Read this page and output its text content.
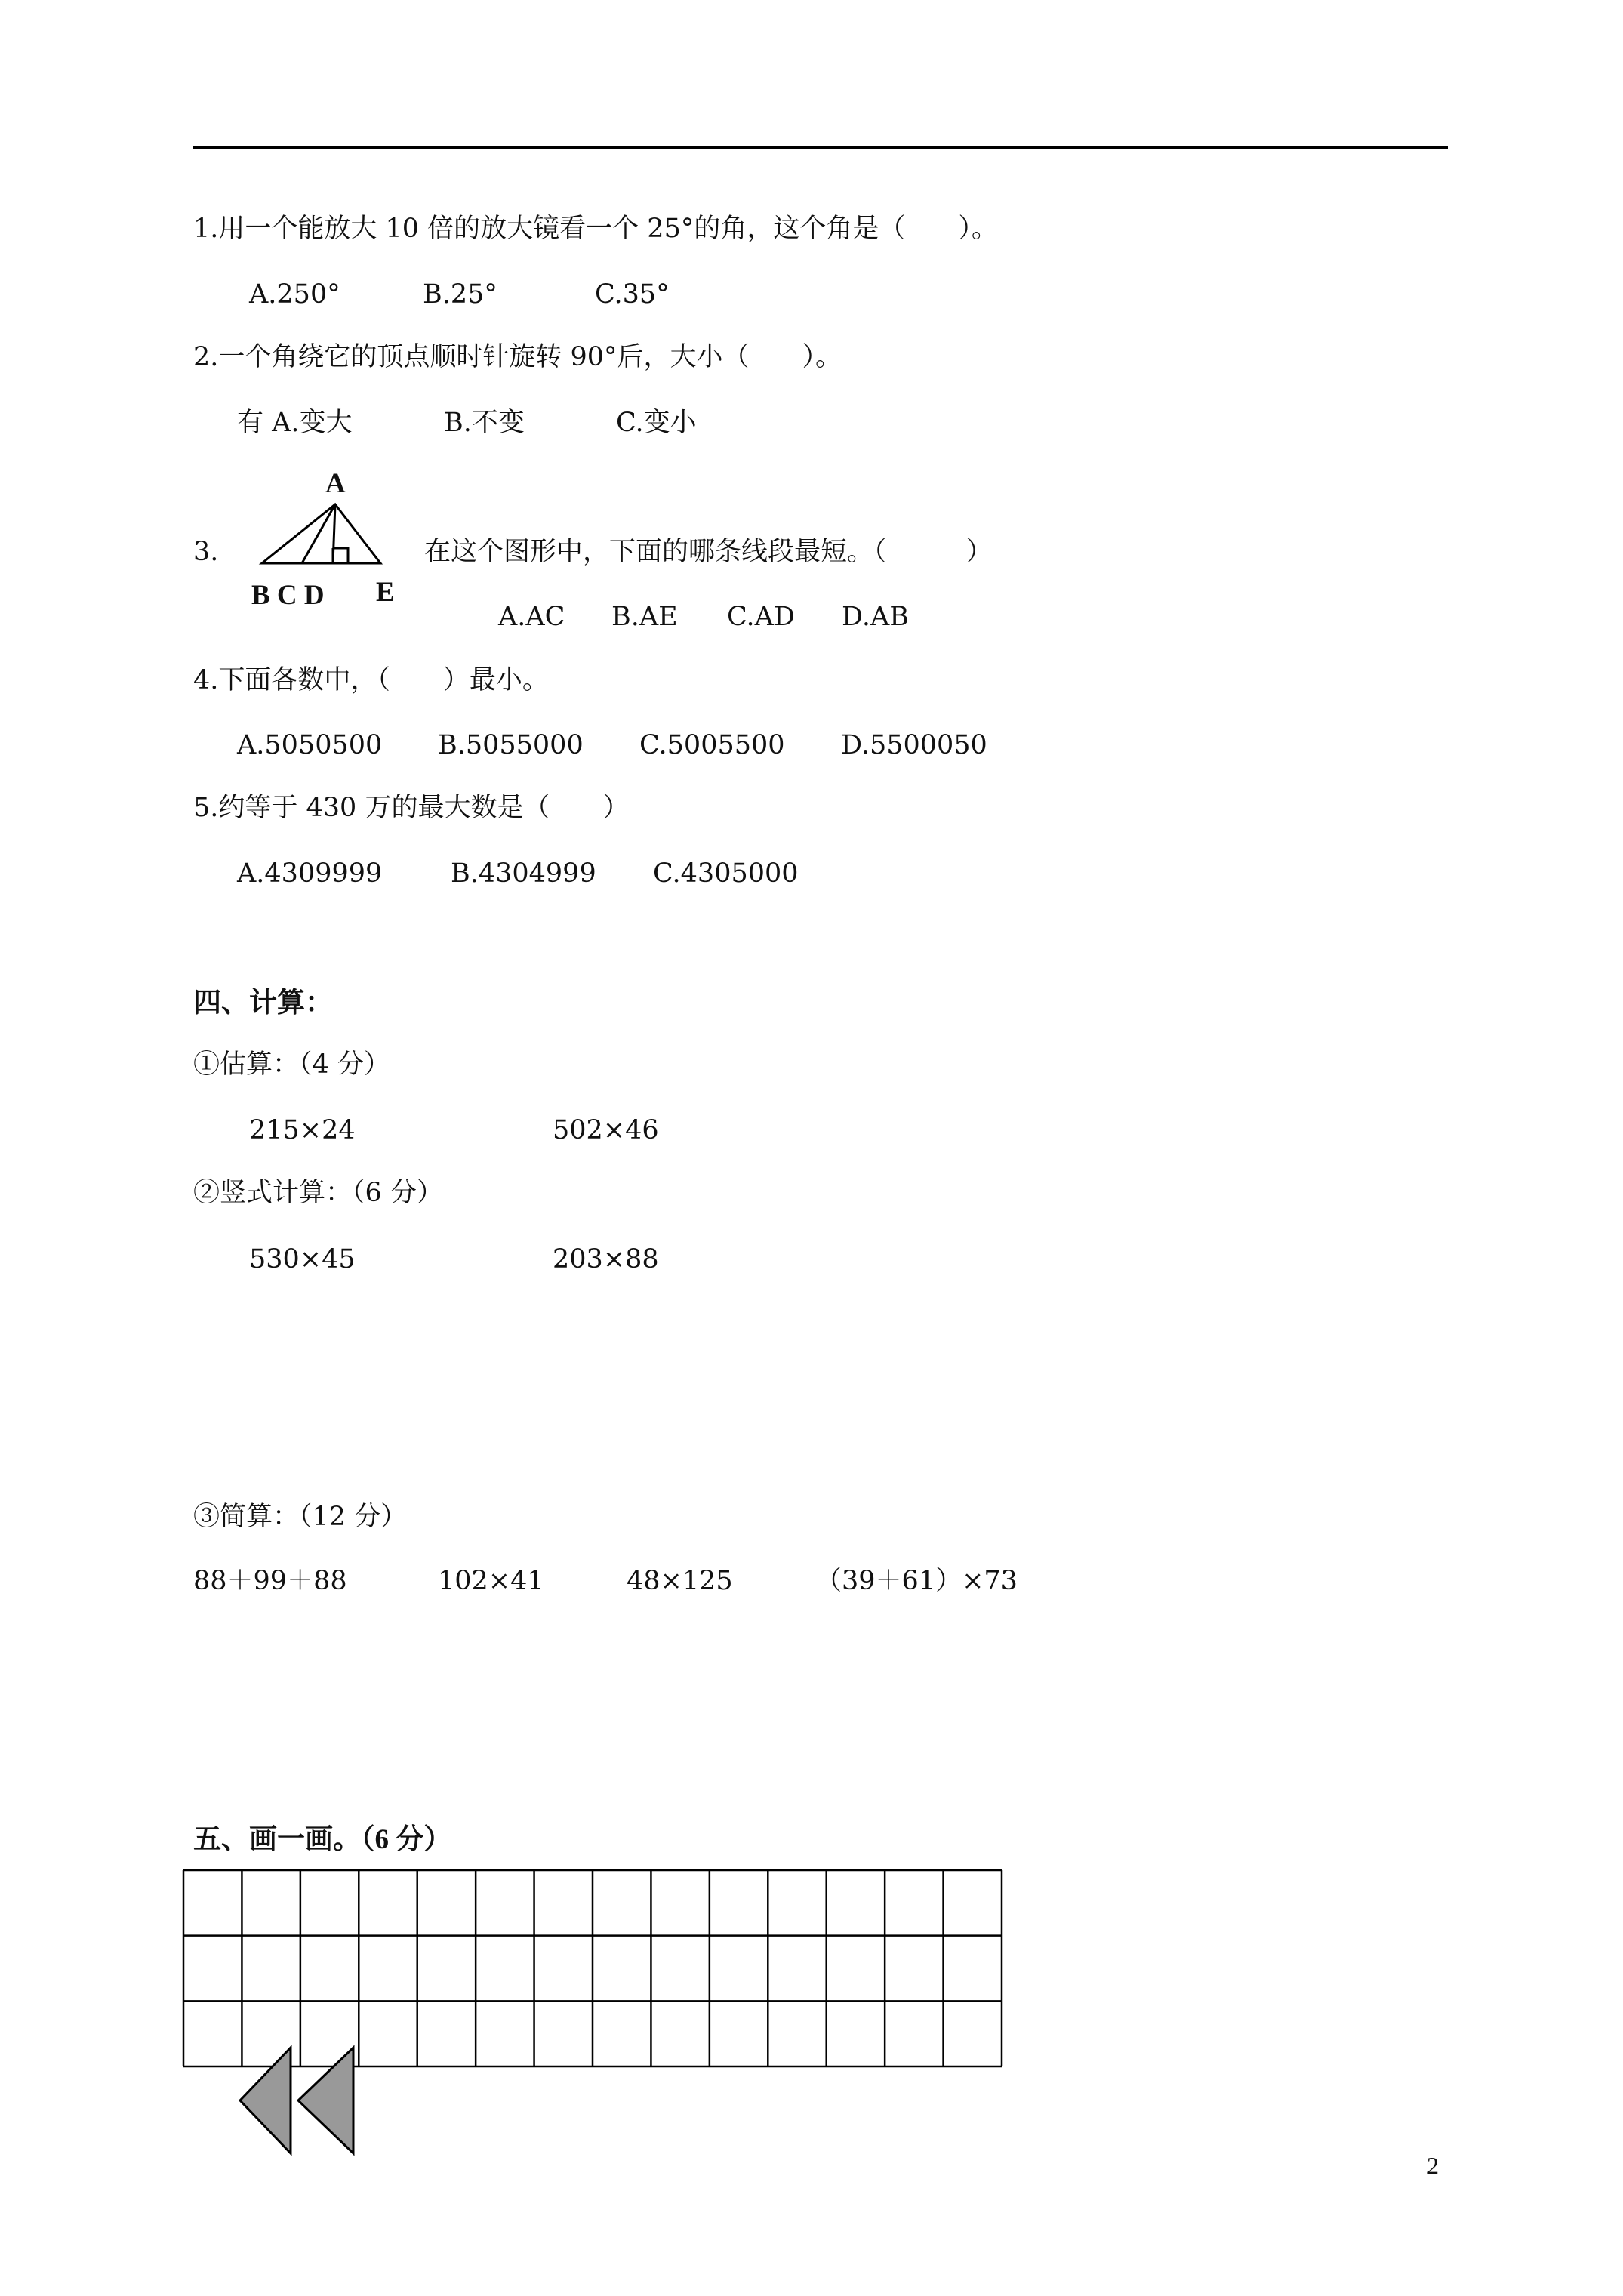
1.用一个能放大 10 倍的放大镜看一个 25°的角，这个角是（　　）。
A.250°	B.25°	C.35°
2.一个角绕它的顶点顺时针旋转 90°后，大小（　　）。
有 A.变大	B.不变	C.变小
3.
A
B C D E
在这个图形中，下面的哪条线段最短。（　　　）
A.AC B.AE C.AD D.AB
4.下面各数中，（　　）最小。
A.5050500 B.5055000 C.5005500 D.5500050
5.约等于 430 万的最大数是（　　）
A.4309999	B.4304999 C.4305000
四、计算：
①估算：（4 分）
215×24	502×46
②竖式计算：（6 分）
530×45	203×88
③简算：（12 分）
88＋99＋88	102×41	48×125	（39＋61）×73
五、画一画。（6 分）
2
